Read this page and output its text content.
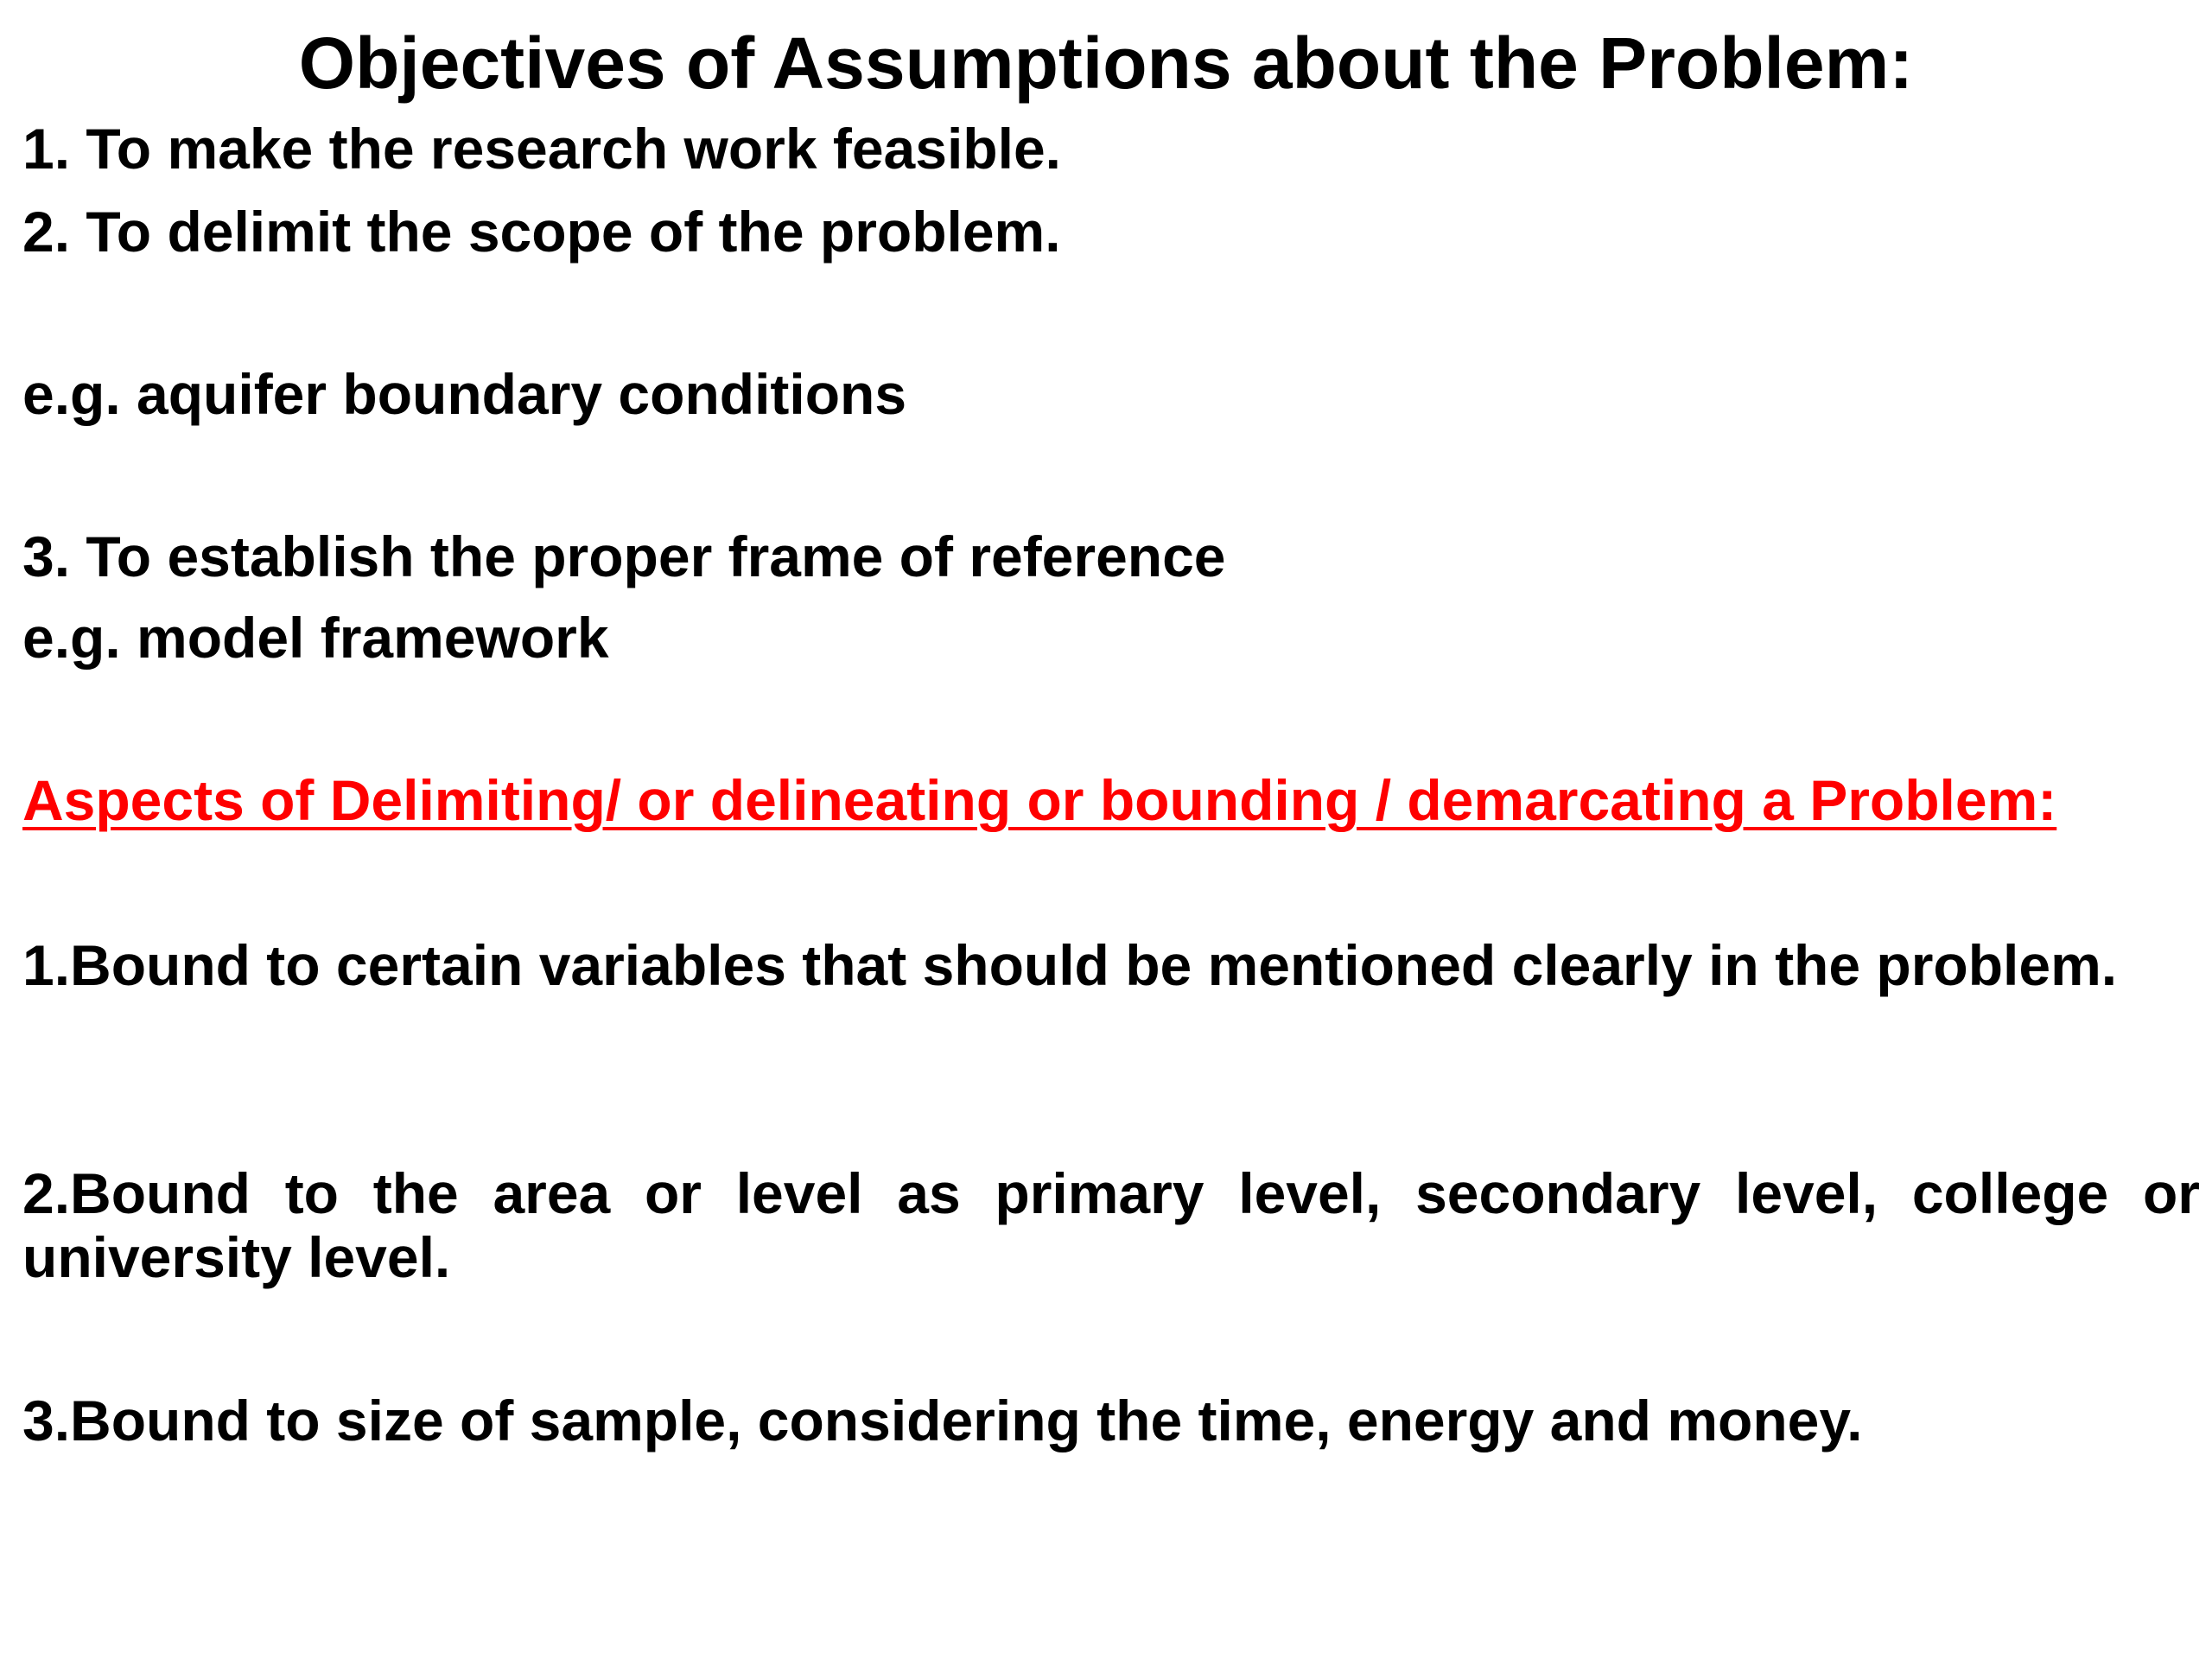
Objectives of Assumptions about the Problem:
1. To make the research work feasible.
2. To delimit the scope of the problem.
e.g. aquifer boundary conditions
3. To establish the proper frame of reference
e.g. model framework
Aspects of Delimiting/ or delineating or bounding / demarcating a Problem:
1.Bound to certain variables that should be mentioned clearly in the problem.
2.Bound to the area or level as primary level, secondary level, college or university level.
3.Bound to size of sample, considering the time, energy and money.
